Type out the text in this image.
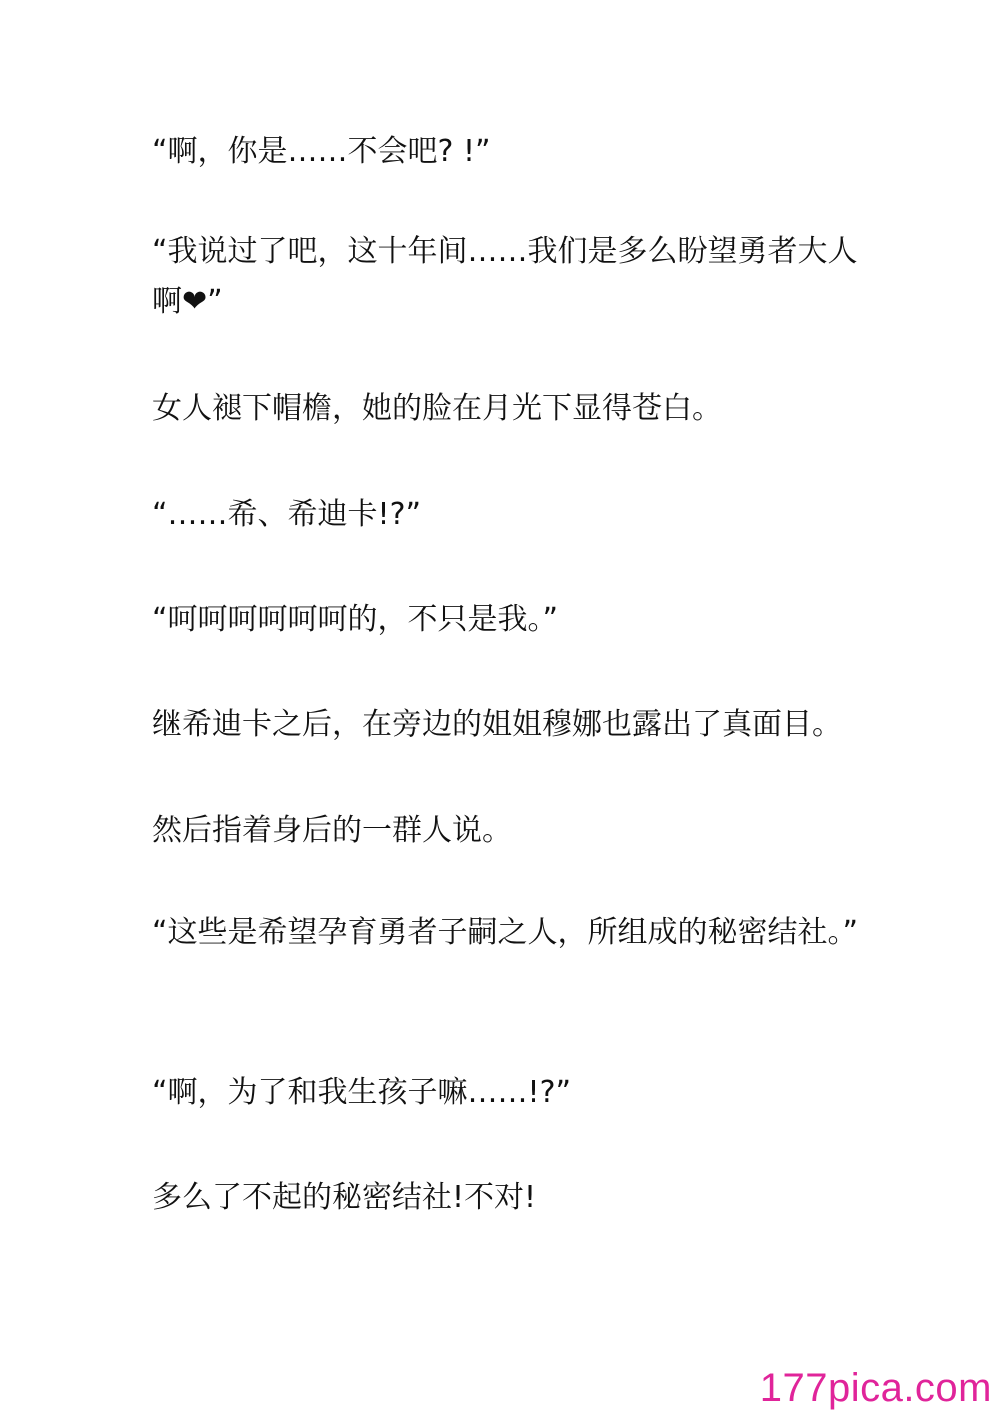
“啊，你是……不会吧? !”

“我说过了吧，这十年间……我们是多么盼望勇者大人啊❤”

女人褪下帽檐，她的脸在月光下显得苍白。

“……希、希迪卡!?”

“呵呵呵呵呵呵的，不只是我。”

继希迪卡之后，在旁边的姐姐穆娜也露出了真面目。

然后指着身后的一群人说。

“这些是希望孕育勇者子嗣之人，所组成的秘密结社。”

“啊，为了和我生孩子嘛……!?”

多么了不起的秘密结社!不对!

177pica.com
